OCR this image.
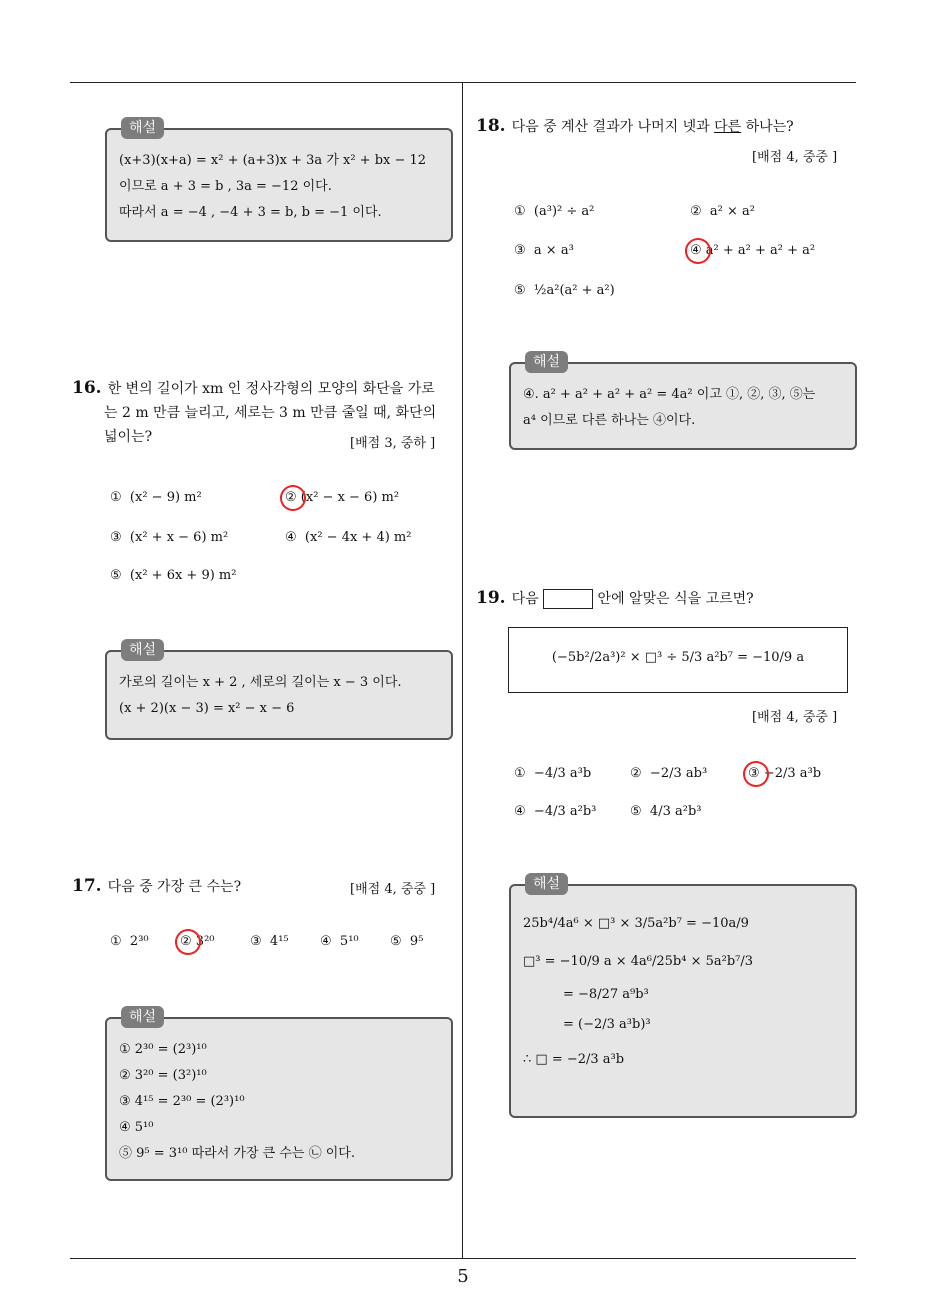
해설
(x+3)(x+a) = x² + (a+3)x + 3a 가 x² + bx − 12
이므로 a + 3 = b , 3a = −12 이다.
따라서 a = −4 , −4 + 3 = b, b = −1 이다.
16. 한 변의 길이가 xm 인 정사각형의 모양의 화단을 가로
는 2 m 만큼 늘리고, 세로는 3 m 만큼 줄일 때, 화단의
넓이는?	[배점 3, 중하 ]
① (x² − 9) m²	② (x² − x − 6) m²
③ (x² + x − 6) m²	④ (x² − 4x + 4) m²
⑤ (x² + 6x + 9) m²
해설
가로의 길이는 x + 2 , 세로의 길이는 x − 3 이다.
(x + 2)(x − 3) = x² − x − 6
17. 다음 중 가장 큰 수는?	[배점 4, 중중 ]
① 2³⁰ ② 3²⁰	③ 4¹⁵ ④ 5¹⁰ ⑤ 9⁵
해설
① 2³⁰ = (2³)¹⁰
② 3²⁰ = (3²)¹⁰
③ 4¹⁵ = 2³⁰ = (2³)¹⁰
④ 5¹⁰
⑤ 9⁵ = 3¹⁰ 따라서 가장 큰 수는 ㉡ 이다.
18. 다음 중 계산 결과가 나머지 넷과 다른 하나는?
[배점 4, 중중 ]
① (a³)² ÷ a²	② a² × a²
③ a × a³	④ a² + a² + a² + a²
⑤ ½a²(a² + a²)
해설
④. a² + a² + a² + a² = 4a² 이고 ①, ②, ③, ⑤는
a⁴ 이므로 다른 하나는 ④이다.
19. 다음	안에 알맞은 식을 고르면?
(−5b²/2a³)² × □³ ÷ 5/3 a²b⁷ = −10/9 a
[배점 4, 중중 ]
① −4/3 a³b	② −2/3 ab³	③ −2/3 a³b
④ −4/3 a²b³	⑤ 4/3 a²b³
해설
25b⁴/4a⁶ × □³ × 3/5a²b⁷ = −10a/9
□³ = −10/9 a × 4a⁶/25b⁴ × 5a²b⁷/3
= −8/27 a⁹b³
= (−2/3 a³b)³
∴ □ = −2/3 a³b
5
